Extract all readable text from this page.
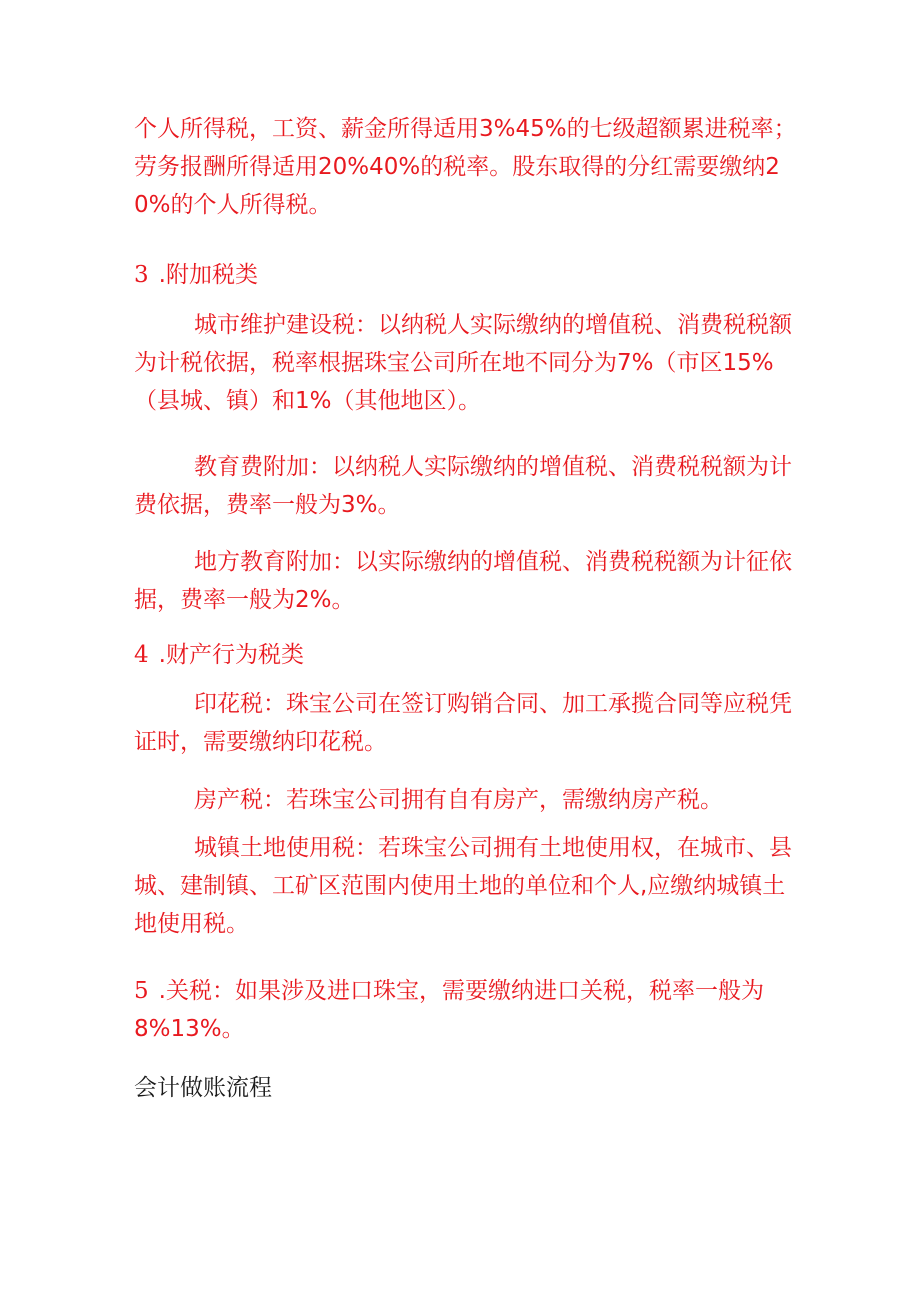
个人所得税，工资、薪金所得适用3%45%的七级超额累进税率；劳务报酬所得适用20%40%的税率。股东取得的分红需要缴纳20%的个人所得税。

3 .附加税类

城市维护建设税：以纳税人实际缴纳的增值税、消费税税额为计税依据，税率根据珠宝公司所在地不同分为7%（市区15%（县城、镇）和1%（其他地区）。

教育费附加：以纳税人实际缴纳的增值税、消费税税额为计费依据，费率一般为3%。

地方教育附加：以实际缴纳的增值税、消费税税额为计征依据，费率一般为2%。

4 .财产行为税类

印花税：珠宝公司在签订购销合同、加工承揽合同等应税凭证时，需要缴纳印花税。

房产税：若珠宝公司拥有自有房产，需缴纳房产税。

城镇土地使用税：若珠宝公司拥有土地使用权，在城市、县城、建制镇、工矿区范围内使用土地的单位和个人,应缴纳城镇土地使用税。

5 .关税：如果涉及进口珠宝，需要缴纳进口关税，税率一般为8%13%。

会计做账流程
